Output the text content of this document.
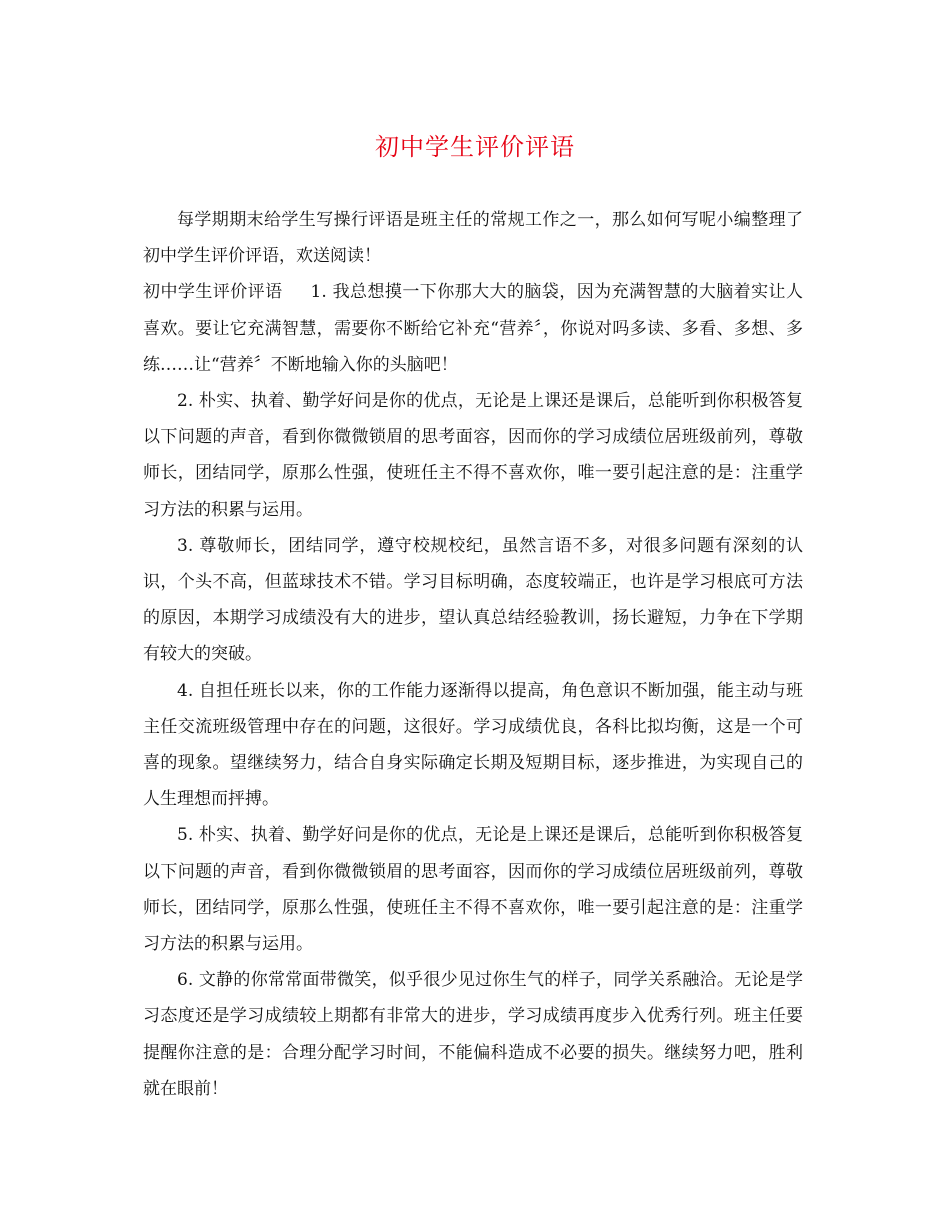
初中学生评价评语

每学期期末给学生写操行评语是班主任的常规工作之一，那么如何写呢小编整理了初中学生评价评语，欢送阅读！

初中学生评价评语 1. 我总想摸一下你那大大的脑袋，因为充满智慧的大脑着实让人喜欢。要让它充满智慧，需要你不断给它补充“营养〞，你说对吗多读、多看、多想、多练……让“营养〞不断地输入你的头脑吧！

2. 朴实、执着、勤学好问是你的优点，无论是上课还是课后，总能听到你积极答复以下问题的声音，看到你微微锁眉的思考面容，因而你的学习成绩位居班级前列，尊敬师长，团结同学，原那么性强，使班任主不得不喜欢你，唯一要引起注意的是：注重学习方法的积累与运用。

3. 尊敬师长，团结同学，遵守校规校纪，虽然言语不多，对很多问题有深刻的认识，个头不高，但蓝球技术不错。学习目标明确，态度较端正，也许是学习根底可方法的原因，本期学习成绩没有大的进步，望认真总结经验教训，扬长避短，力争在下学期有较大的突破。

4. 自担任班长以来，你的工作能力逐渐得以提高，角色意识不断加强，能主动与班主任交流班级管理中存在的问题，这很好。学习成绩优良，各科比拟均衡，这是一个可喜的现象。望继续努力，结合自身实际确定长期及短期目标，逐步推进，为实现自己的人生理想而抨搏。

5. 朴实、执着、勤学好问是你的优点，无论是上课还是课后，总能听到你积极答复以下问题的声音，看到你微微锁眉的思考面容，因而你的学习成绩位居班级前列，尊敬师长，团结同学，原那么性强，使班任主不得不喜欢你，唯一要引起注意的是：注重学习方法的积累与运用。

6. 文静的你常常面带微笑，似乎很少见过你生气的样子，同学关系融洽。无论是学习态度还是学习成绩较上期都有非常大的进步，学习成绩再度步入优秀行列。班主任要提醒你注意的是：合理分配学习时间，不能偏科造成不必要的损失。继续努力吧，胜利就在眼前！
